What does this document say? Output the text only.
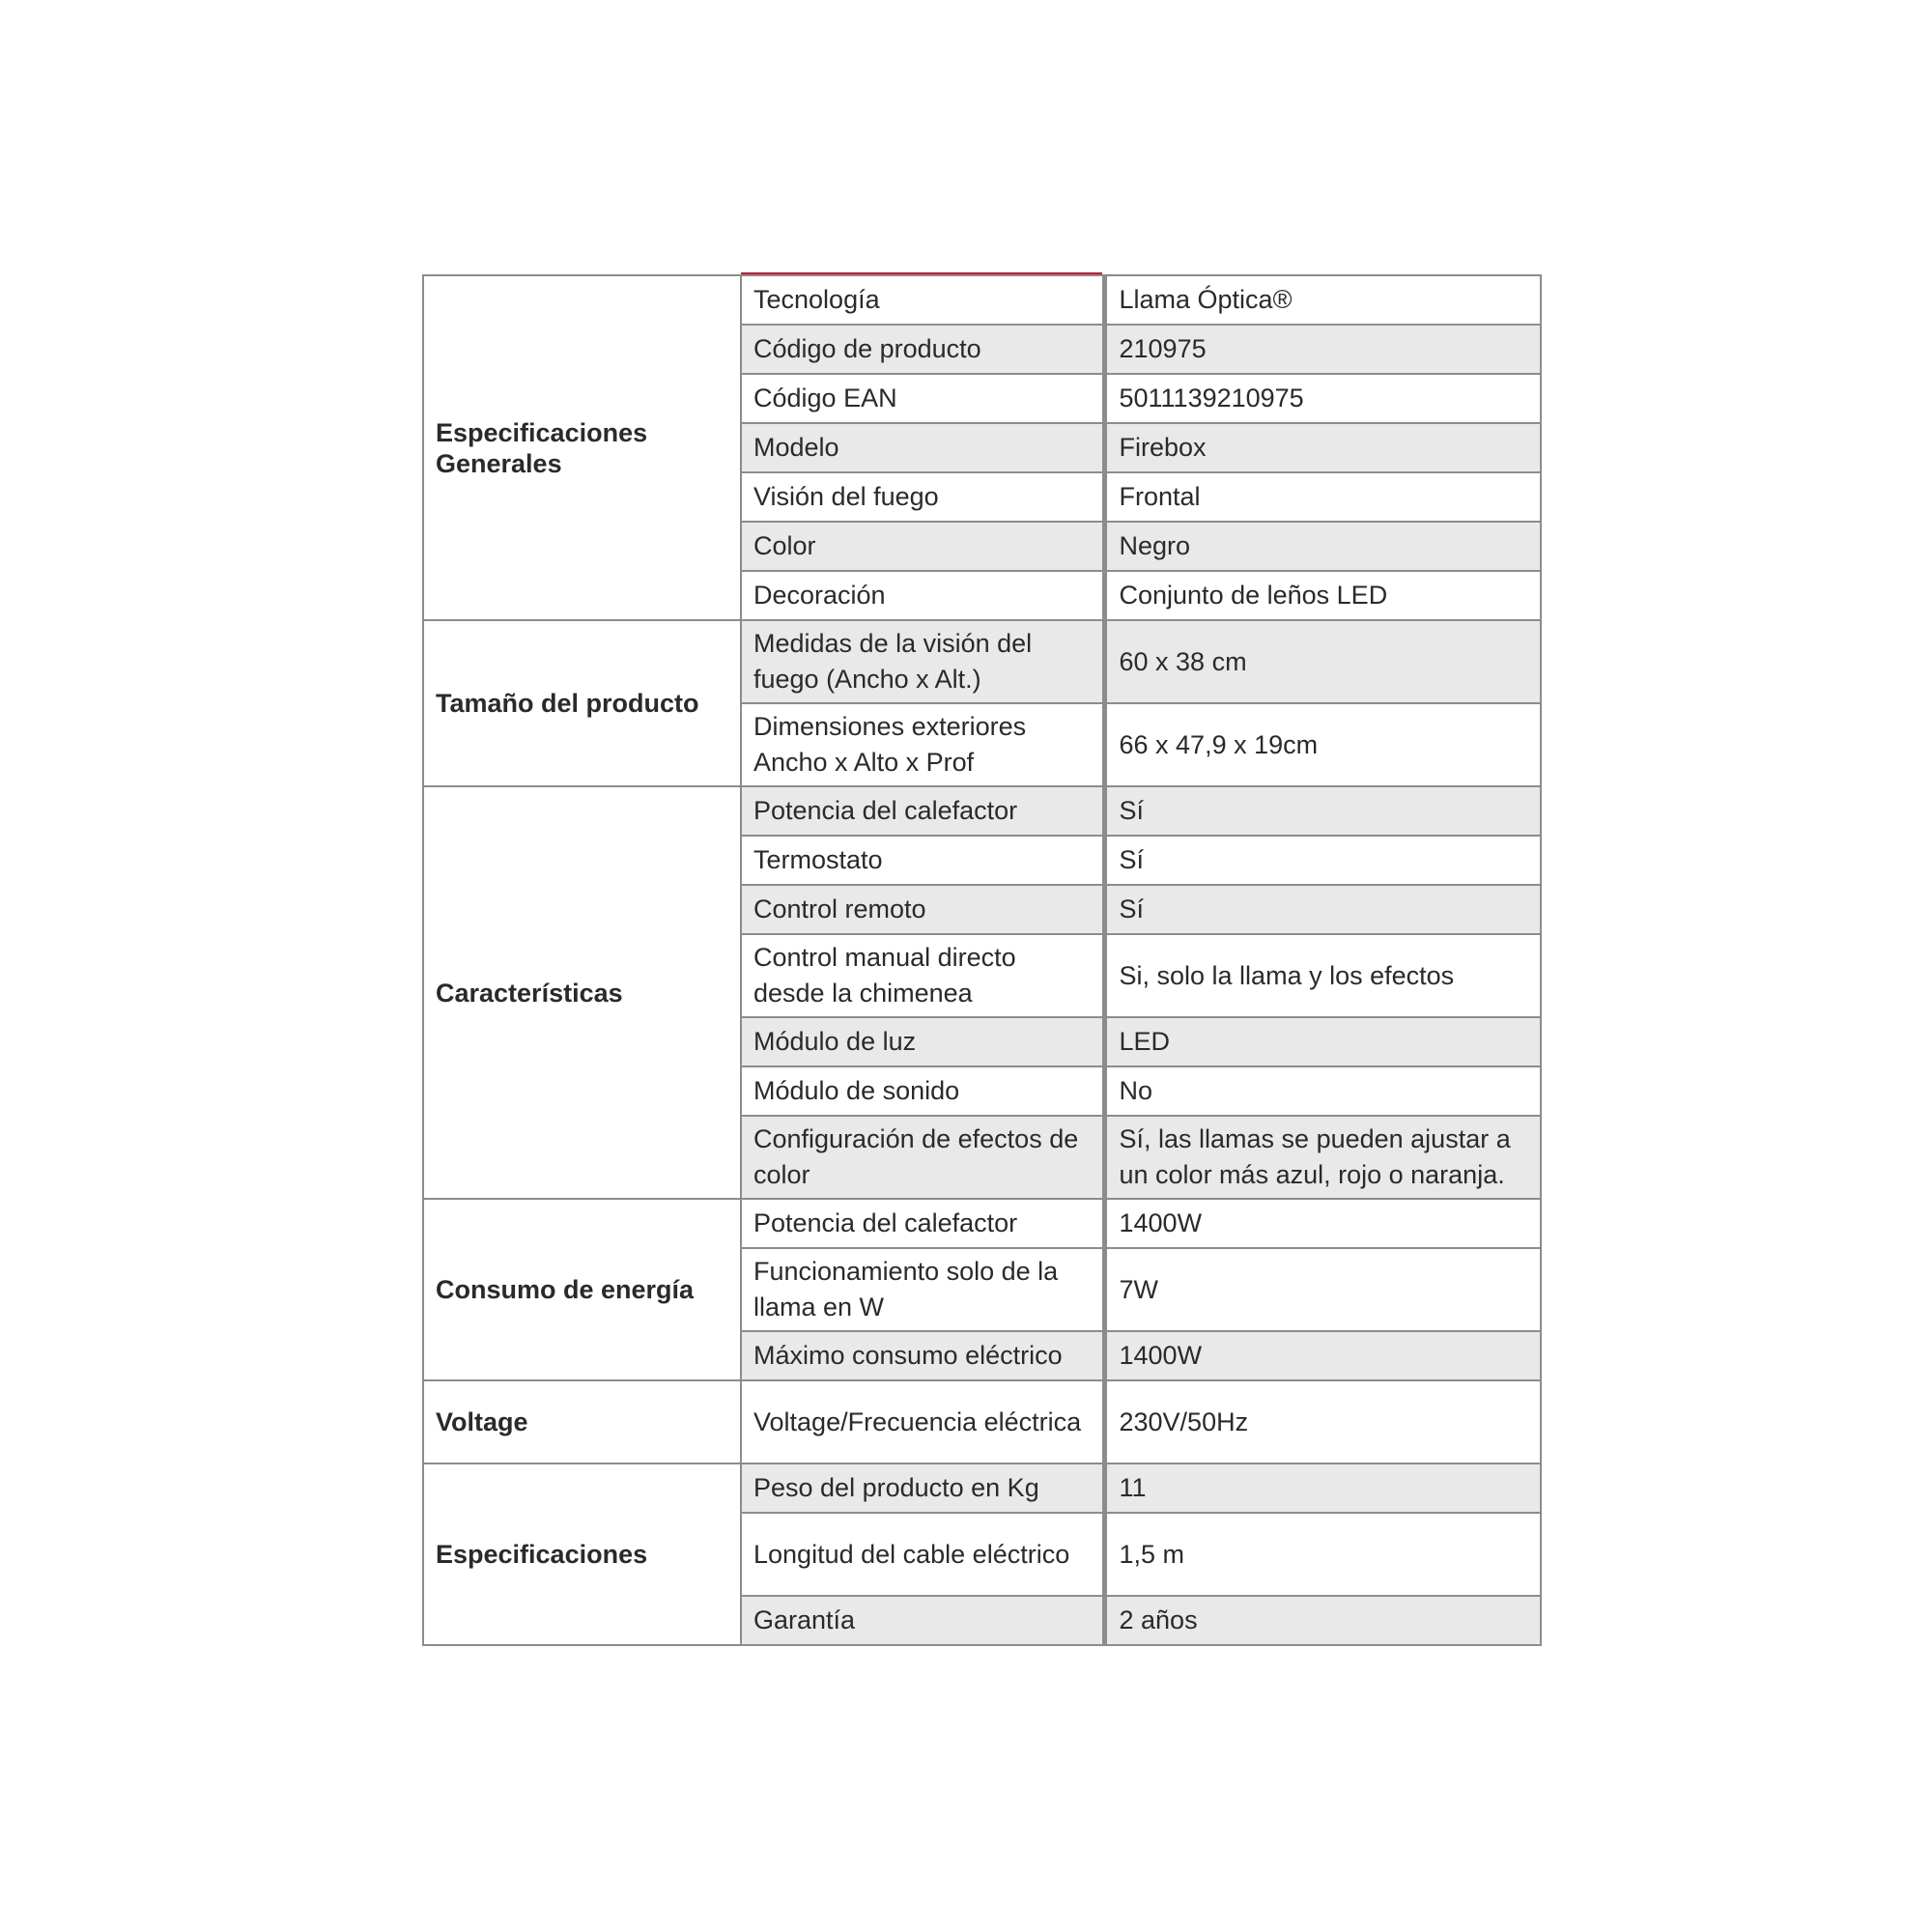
Especificaciones Generales	Tecnología	Llama Óptica®
	Código de producto	210975
	Código EAN	5011139210975
	Modelo	Firebox
	Visión del fuego	Frontal
	Color	Negro
	Decoración	Conjunto de leños LED
Tamaño del producto	Medidas de la visión del fuego (Ancho x Alt.)	60 x 38 cm
	Dimensiones exteriores Ancho x Alto x Prof	66 x 47,9 x 19cm
Características	Potencia del calefactor	Sí
	Termostato	Sí
	Control remoto	Sí
	Control manual directo desde la chimenea	Si, solo la llama y los efectos
	Módulo de luz	LED
	Módulo de sonido	No
	Configuración de efectos de color	Sí, las llamas se pueden ajustar a un color más azul, rojo o naranja.
Consumo de energía	Potencia del calefactor	1400W
	Funcionamiento solo de la llama en W	7W
	Máximo consumo eléctrico	1400W
Voltage	Voltage/Frecuencia eléctrica	230V/50Hz
Especificaciones	Peso del producto en Kg	11
	Longitud del cable eléctrico	1,5 m
	Garantía	2 años
